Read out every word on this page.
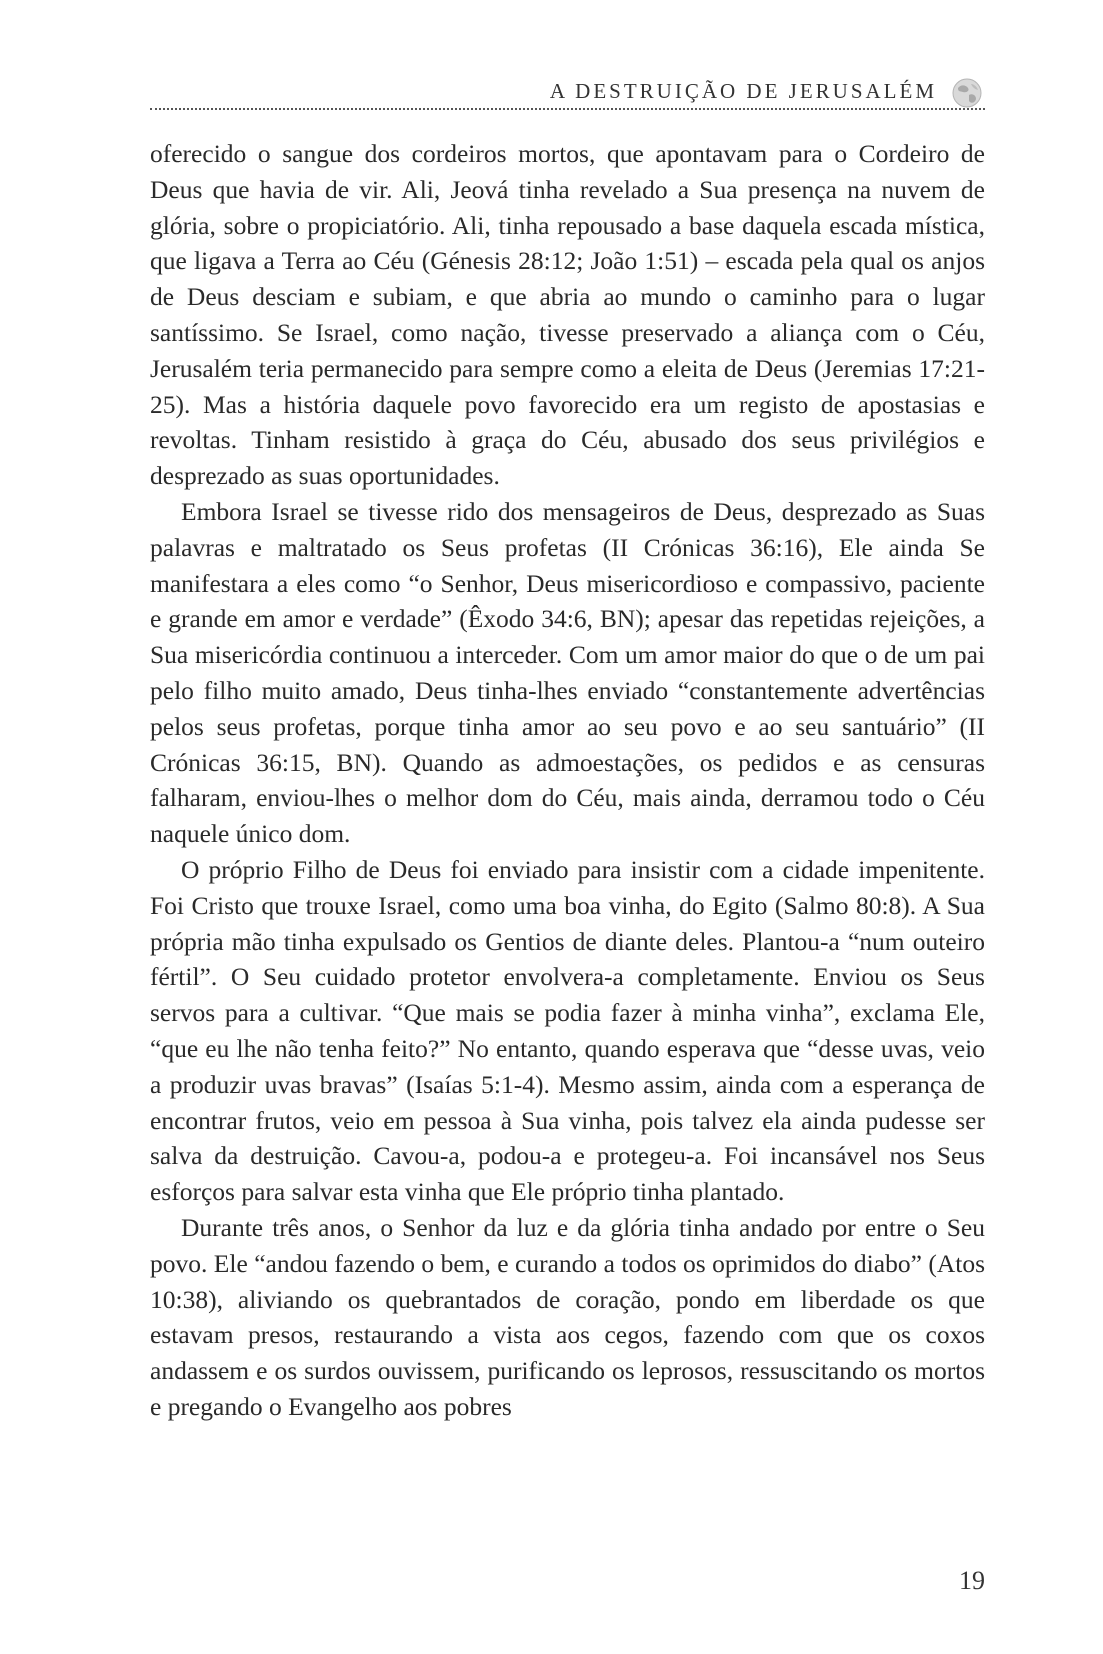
A DESTRUIÇÃO DE JERUSALÉM

oferecido o sangue dos cordeiros mortos, que apontavam para o Cordeiro de Deus que havia de vir. Ali, Jeová tinha revelado a Sua presença na nuvem de glória, sobre o propiciatório. Ali, tinha repousado a base daquela escada mística, que ligava a Terra ao Céu (Génesis 28:12; João 1:51) – escada pela qual os anjos de Deus desciam e subiam, e que abria ao mundo o caminho para o lugar santíssimo. Se Israel, como nação, tivesse preservado a aliança com o Céu, Jerusalém teria permanecido para sempre como a eleita de Deus (Jeremias 17:21-25). Mas a história daquele povo favorecido era um registo de apostasias e revoltas. Tinham resistido à graça do Céu, abusado dos seus privilégios e desprezado as suas oportunidades.

Embora Israel se tivesse rido dos mensageiros de Deus, desprezado as Suas palavras e maltratado os Seus profetas (II Crónicas 36:16), Ele ainda Se manifestara a eles como “o Senhor, Deus misericordioso e compassivo, paciente e grande em amor e verdade” (Êxodo 34:6, BN); apesar das repetidas rejeições, a Sua misericórdia continuou a interceder. Com um amor maior do que o de um pai pelo filho muito amado, Deus tinha-lhes enviado “constantemente advertências pelos seus profetas, porque tinha amor ao seu povo e ao seu santuário” (II Crónicas 36:15, BN). Quando as admoestações, os pedidos e as censuras falharam, enviou-lhes o melhor dom do Céu, mais ainda, derramou todo o Céu naquele único dom.

O próprio Filho de Deus foi enviado para insistir com a cidade impenitente. Foi Cristo que trouxe Israel, como uma boa vinha, do Egito (Salmo 80:8). A Sua própria mão tinha expulsado os Gentios de diante deles. Plantou-a “num outeiro fértil”. O Seu cuidado protetor envolvera-a completamente. Enviou os Seus servos para a cultivar. “Que mais se podia fazer à minha vinha”, exclama Ele, “que eu lhe não tenha feito?” No entanto, quando esperava que “desse uvas, veio a produzir uvas bravas” (Isaías 5:1-4). Mesmo assim, ainda com a esperança de encontrar frutos, veio em pessoa à Sua vinha, pois talvez ela ainda pudesse ser salva da destruição. Cavou-a, podou-a e protegeu-a. Foi incansável nos Seus esforços para salvar esta vinha que Ele próprio tinha plantado.

Durante três anos, o Senhor da luz e da glória tinha andado por entre o Seu povo. Ele “andou fazendo o bem, e curando a todos os oprimidos do diabo” (Atos 10:38), aliviando os quebrantados de coração, pondo em liberdade os que estavam presos, restaurando a vista aos cegos, fazendo com que os coxos andassem e os surdos ouvissem, purificando os leprosos, ressuscitando os mortos e pregando o Evangelho aos pobres

19
